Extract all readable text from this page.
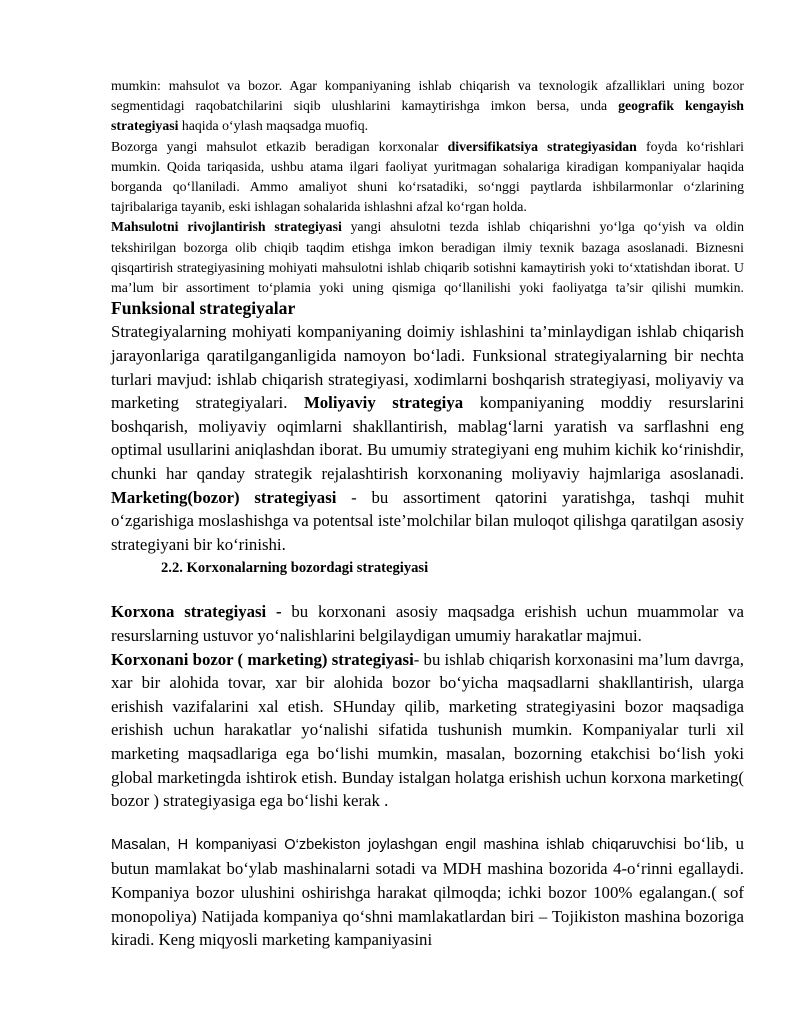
mumkin: mahsulot va bozor. Agar kompaniyaning ishlab chiqarish va texnologik afzalliklari uning bozor segmentidagi raqobatchilarini siqib ulushlarini kamaytirishga imkon bersa, unda geografik kengayish strategiyasi haqida o‘ylash maqsadga muofiq.

Bozorga yangi mahsulot etkazib beradigan korxonalar diversifikatsiya strategiyasidan foyda ko‘rishlari mumkin. Qoida tariqasida, ushbu atama ilgari faoliyat yuritmagan sohalariga kiradigan kompaniyalar haqida borganda qo‘llaniladi. Ammo amaliyot shuni ko‘rsatadiki, so‘nggi paytlarda ishbilarmonlar o‘zlarining tajribalariga tayanib, eski ishlagan sohalarida ishlashni afzal ko‘rgan holda.

Mahsulotni rivojlantirish strategiyasi yangi ahsulotni tezda ishlab chiqarishni yo‘lga qo‘yish va oldin tekshirilgan bozorga olib chiqib taqdim etishga imkon beradigan ilmiy texnik bazaga asoslanadi. Biznesni qisqartirish strategiyasining mohiyati mahsulotni ishlab chiqarib sotishni kamaytirish yoki to‘xtatishdan iborat. U ma’lum bir assortiment to‘plamia yoki uning qismiga qo‘llanilishi yoki faoliyatga ta’sir qilishi mumkin. Funksional strategiyalar

Strategiyalarning mohiyati kompaniyaning doimiy ishlashini ta’minlaydigan ishlab chiqarish jarayonlariga qaratilganganligida namoyon bo‘ladi. Funksional strategiyalarning bir nechta turlari mavjud: ishlab chiqarish strategiyasi, xodimlarni boshqarish strategiyasi, moliyaviy va marketing strategiyalari. Moliyaviy strategiya kompaniyaning moddiy resurslarini boshqarish, moliyaviy oqimlarni shakllantirish, mablag‘larni yaratish va sarflashni eng optimal usullarini aniqlashdan iborat. Bu umumiy strategiyani eng muhim kichik ko‘rinishdir, chunki har qanday strategik rejalashtirish korxonaning moliyaviy hajmlariga asoslanadi. Marketing(bozor) strategiyasi - bu assortiment qatorini yaratishga, tashqi muhit o‘zgarishiga moslashishga va potentsal iste’molchilar bilan muloqot qilishga qaratilgan asosiy strategiyani bir ko‘rinishi.

2.2. Korxonalarning bozordagi strategiyasi

Korxona strategiyasi - bu korxonani asosiy maqsadga erishish uchun muammolar va resurslarning ustuvor yo‘nalishlarini belgilaydigan umumiy harakatlar majmui.

Korxonani bozor ( marketing) strategiyasi- bu ishlab chiqarish korxonasini ma’lum davrga, xar bir alohida tovar, xar bir alohida bozor bo‘yicha maqsadlarni shakllantirish, ularga erishish vazifalarini xal etish. SHunday qilib, marketing strategiyasini bozor maqsadiga erishish uchun harakatlar yo‘nalishi sifatida tushunish mumkin. Kompaniyalar turli xil marketing maqsadlariga ega bo‘lishi mumkin, masalan, bozorning etakchisi bo‘lish yoki global marketingda ishtirok etish. Bunday istalgan holatga erishish uchun korxona marketing( bozor ) strategiyasiga ega bo‘lishi kerak .

Masalan, H kompaniyasi O‘zbekiston joylashgan engil mashina ishlab chiqaruvchisi bo‘lib, u butun mamlakat bo‘ylab mashinalarni sotadi va MDH mashina bozorida 4-o‘rinni egallaydi. Kompaniya bozor ulushini oshirishga harakat qilmoqda; ichki bozor 100% egalangan.( sof monopoliya) Natijada kompaniya qo‘shni mamlakatlardan biri – Tojikiston mashina bozoriga kiradi. Keng miqyosli marketing kampaniyasini
